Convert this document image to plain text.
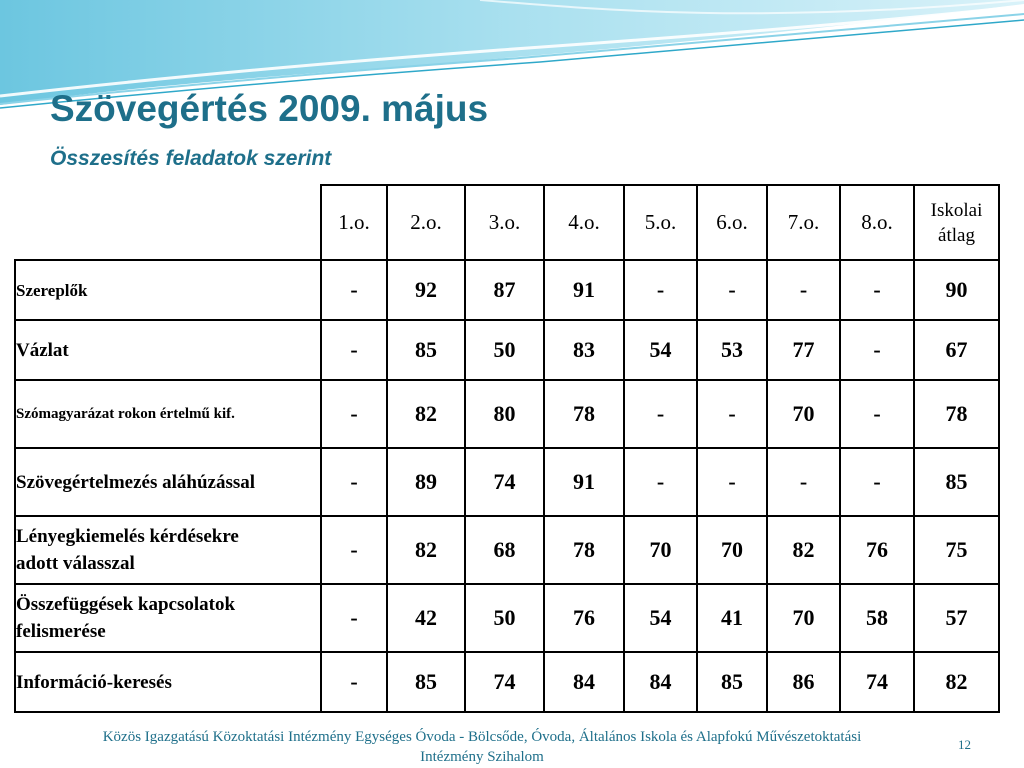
Szövegértés 2009. május
Összesítés feladatok szerint
	1.o.	2.o.	3.o.	4.o.	5.o.	6.o.	7.o.	8.o.	Iskolai
átlag
Szereplők	-	92	87	91	-	-	-	-	90
Vázlat	-	85	50	83	54	53	77	-	67
Szómagyarázat rokon értelmű kif.	-	82	80	78	-	-	70	-	78
Szövegértelmezés aláhúzással	-	89	74	91	-	-	-	-	85
Lényegkiemelés kérdésekre
adott válasszal	-	82	68	78	70	70	82	76	75
Összefüggések kapcsolatok
felismerése	-	42	50	76	54	41	70	58	57
Információ-keresés	-	85	74	84	84	85	86	74	82
Közös Igazgatású Közoktatási Intézmény Egységes Óvoda - Bölcsőde, Óvoda, Általános Iskola és Alapfokú Művészetoktatási
Intézmény Szihalom
12
